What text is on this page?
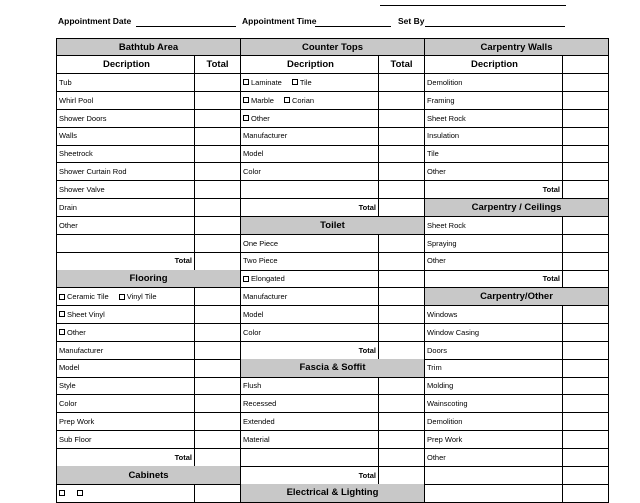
Appointment Date	Appointment Time	Set By
Bathtub Area
Decription	Total
Tub
Whirl Pool
Shower Doors
Walls
Sheetrock
Shower Curtain Rod
Shower Valve
Drain
Other
Total
Flooring
Ceramic Tile Vinyl Tile
Sheet Vinyl
Other
Manufacturer
Model
Style
Color
Prep Work
Sub Floor
Total
Cabinets
Counter Tops
Decription	Total
Laminate Tile
Marble Corian
Other
Manufacturer
Model
Color
Total
Toilet
One Piece
Two Piece
Elongated
Manufacturer
Model
Color
Total
Fascia & Soffit
Flush
Recessed
Extended
Material
Total
Electrical & Lighting
Carpentry Walls
Decription
Demolition
Framing
Sheet Rock
Insulation
Tile
Other
Total
Carpentry / Ceilings
Sheet Rock
Spraying
Other
Total
Carpentry/Other
Windows
Window Casing
Doors
Trim
Molding
Wainscoting
Demolition
Prep Work
Other
